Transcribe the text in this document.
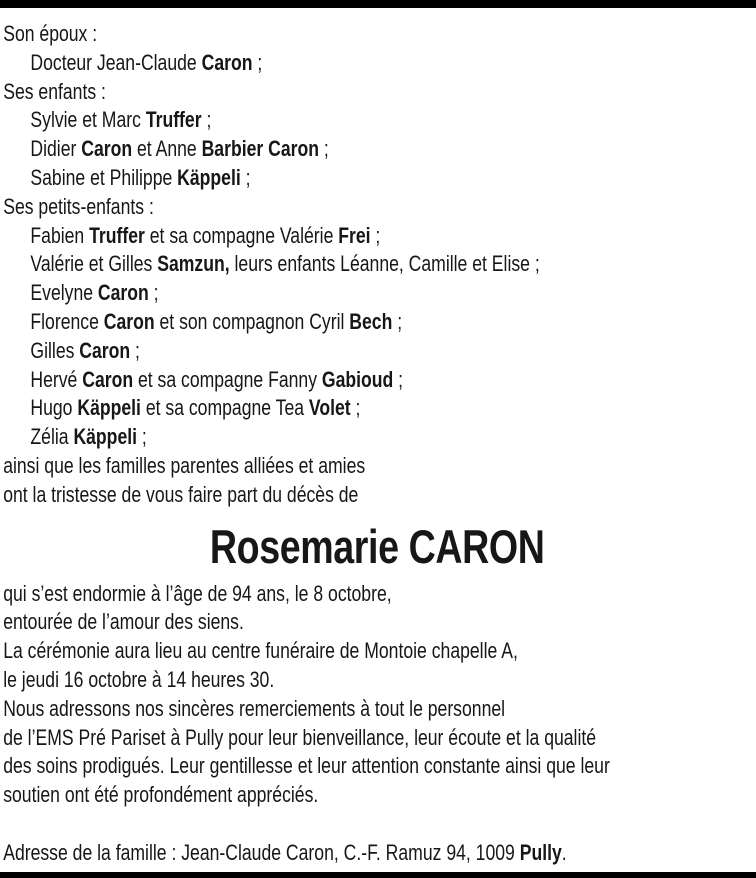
Son époux :

Docteur Jean-Claude Caron ;

Ses enfants :

Sylvie et Marc Truffer ;

Didier Caron et Anne Barbier Caron ;

Sabine et Philippe Käppeli ;

Ses petits-enfants :

Fabien Truffer et sa compagne Valérie Frei ;

Valérie et Gilles Samzun, leurs enfants Léanne, Camille et Elise ;

Evelyne Caron ;

Florence Caron et son compagnon Cyril Bech ;

Gilles Caron ;

Hervé Caron et sa compagne Fanny Gabioud ;

Hugo Käppeli et sa compagne Tea Volet ;

Zélia Käppeli ;

ainsi que les familles parentes alliées et amies

ont la tristesse de vous faire part du décès de

Rosemarie CARON

qui s’est endormie à l’âge de 94 ans, le 8 octobre,

entourée de l’amour des siens.

La cérémonie aura lieu au centre funéraire de Montoie chapelle A,

le jeudi 16 octobre à 14 heures 30.

Nous adressons nos sincères remerciements à tout le personnel

de l’EMS Pré Pariset à Pully pour leur bienveillance, leur écoute et la qualité

des soins prodigués. Leur gentillesse et leur attention constante ainsi que leur

soutien ont été profondément appréciés.

Adresse de la famille : Jean-Claude Caron, C.-F. Ramuz 94, 1009 Pully.
